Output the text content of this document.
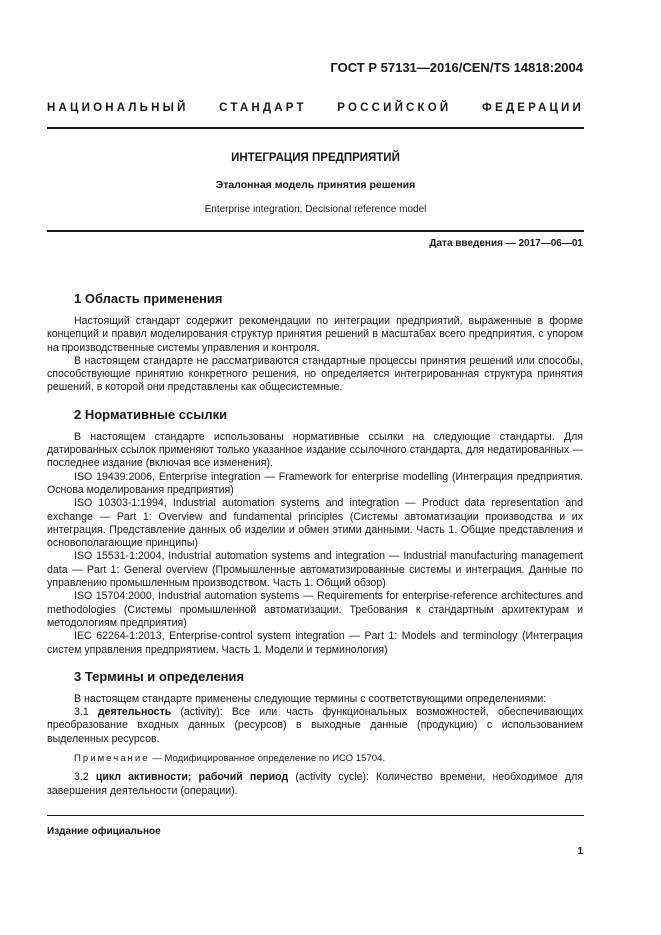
ГОСТ Р 57131—2016/CEN/TS 14818:2004
НАЦИОНАЛЬНЫЙ СТАНДАРТ РОССИЙСКОЙ ФЕДЕРАЦИИ
ИНТЕГРАЦИЯ ПРЕДПРИЯТИЙ
Эталонная модель принятия решения
Enterprise integration. Decisional reference model
Дата введения — 2017—06—01
1 Область применения

Настоящий стандарт содержит рекомендации по интеграции предприятий, выраженные в форме концепций и правил моделирования структур принятия решений в масштабах всего предприятия, с упором на производственные системы управления и контроля.

В настоящем стандарте не рассматриваются стандартные процессы принятия решений или способы, способствующие принятию конкретного решения, но определяется интегрированная структура принятия решений, в которой они представлены как общесистемные.

2 Нормативные ссылки

В настоящем стандарте использованы нормативные ссылки на следующие стандарты. Для датированных ссылок применяют только указанное издание ссылочного стандарта, для недатированных — последнее издание (включая все изменения).

ISO 19439:2006, Enterprise integration — Framework for enterprise modelling (Интеграция предприятия. Основа моделирования предприятия)

ISO 10303-1:1994, Industrial automation systems and integration — Product data representation and exchange — Part 1: Overview and fundamental principles (Системы автоматизации производства и их интеграция. Представление данных об изделии и обмен этими данными. Часть 1. Общие представления и основополагающие принципы)

ISO 15531-1:2004, Industrial automation systems and integration — Industrial manufacturing management data — Part 1: General overview (Промышленные автоматизированные системы и интеграция. Данные по управлению промышленным производством. Часть 1. Общий обзор)

ISO 15704:2000, Industrial automation systems — Requirements for enterprise-reference architectures and methodologies (Системы промышленной автоматизации. Требования к стандартным архитектурам и методологиям предприятия)

IEC 62264-1:2013, Enterprise-control system integration — Part 1: Models and terminology (Интеграция систем управления предприятием. Часть 1. Модели и терминология)

3 Термины и определения

В настоящем стандарте применены следующие термины с соответствующими определениями:

3.1 деятельность (activity): Все или часть функциональных возможностей, обеспечивающих преобразование входных данных (ресурсов) в выходные данные (продукцию) с использованием выделенных ресурсов.

Примечание — Модифицированное определение по ИСО 15704.

3.2 цикл активности; рабочий период (activity cycle): Количество времени, необходимое для завершения деятельности (операции).

Издание официальное
1
